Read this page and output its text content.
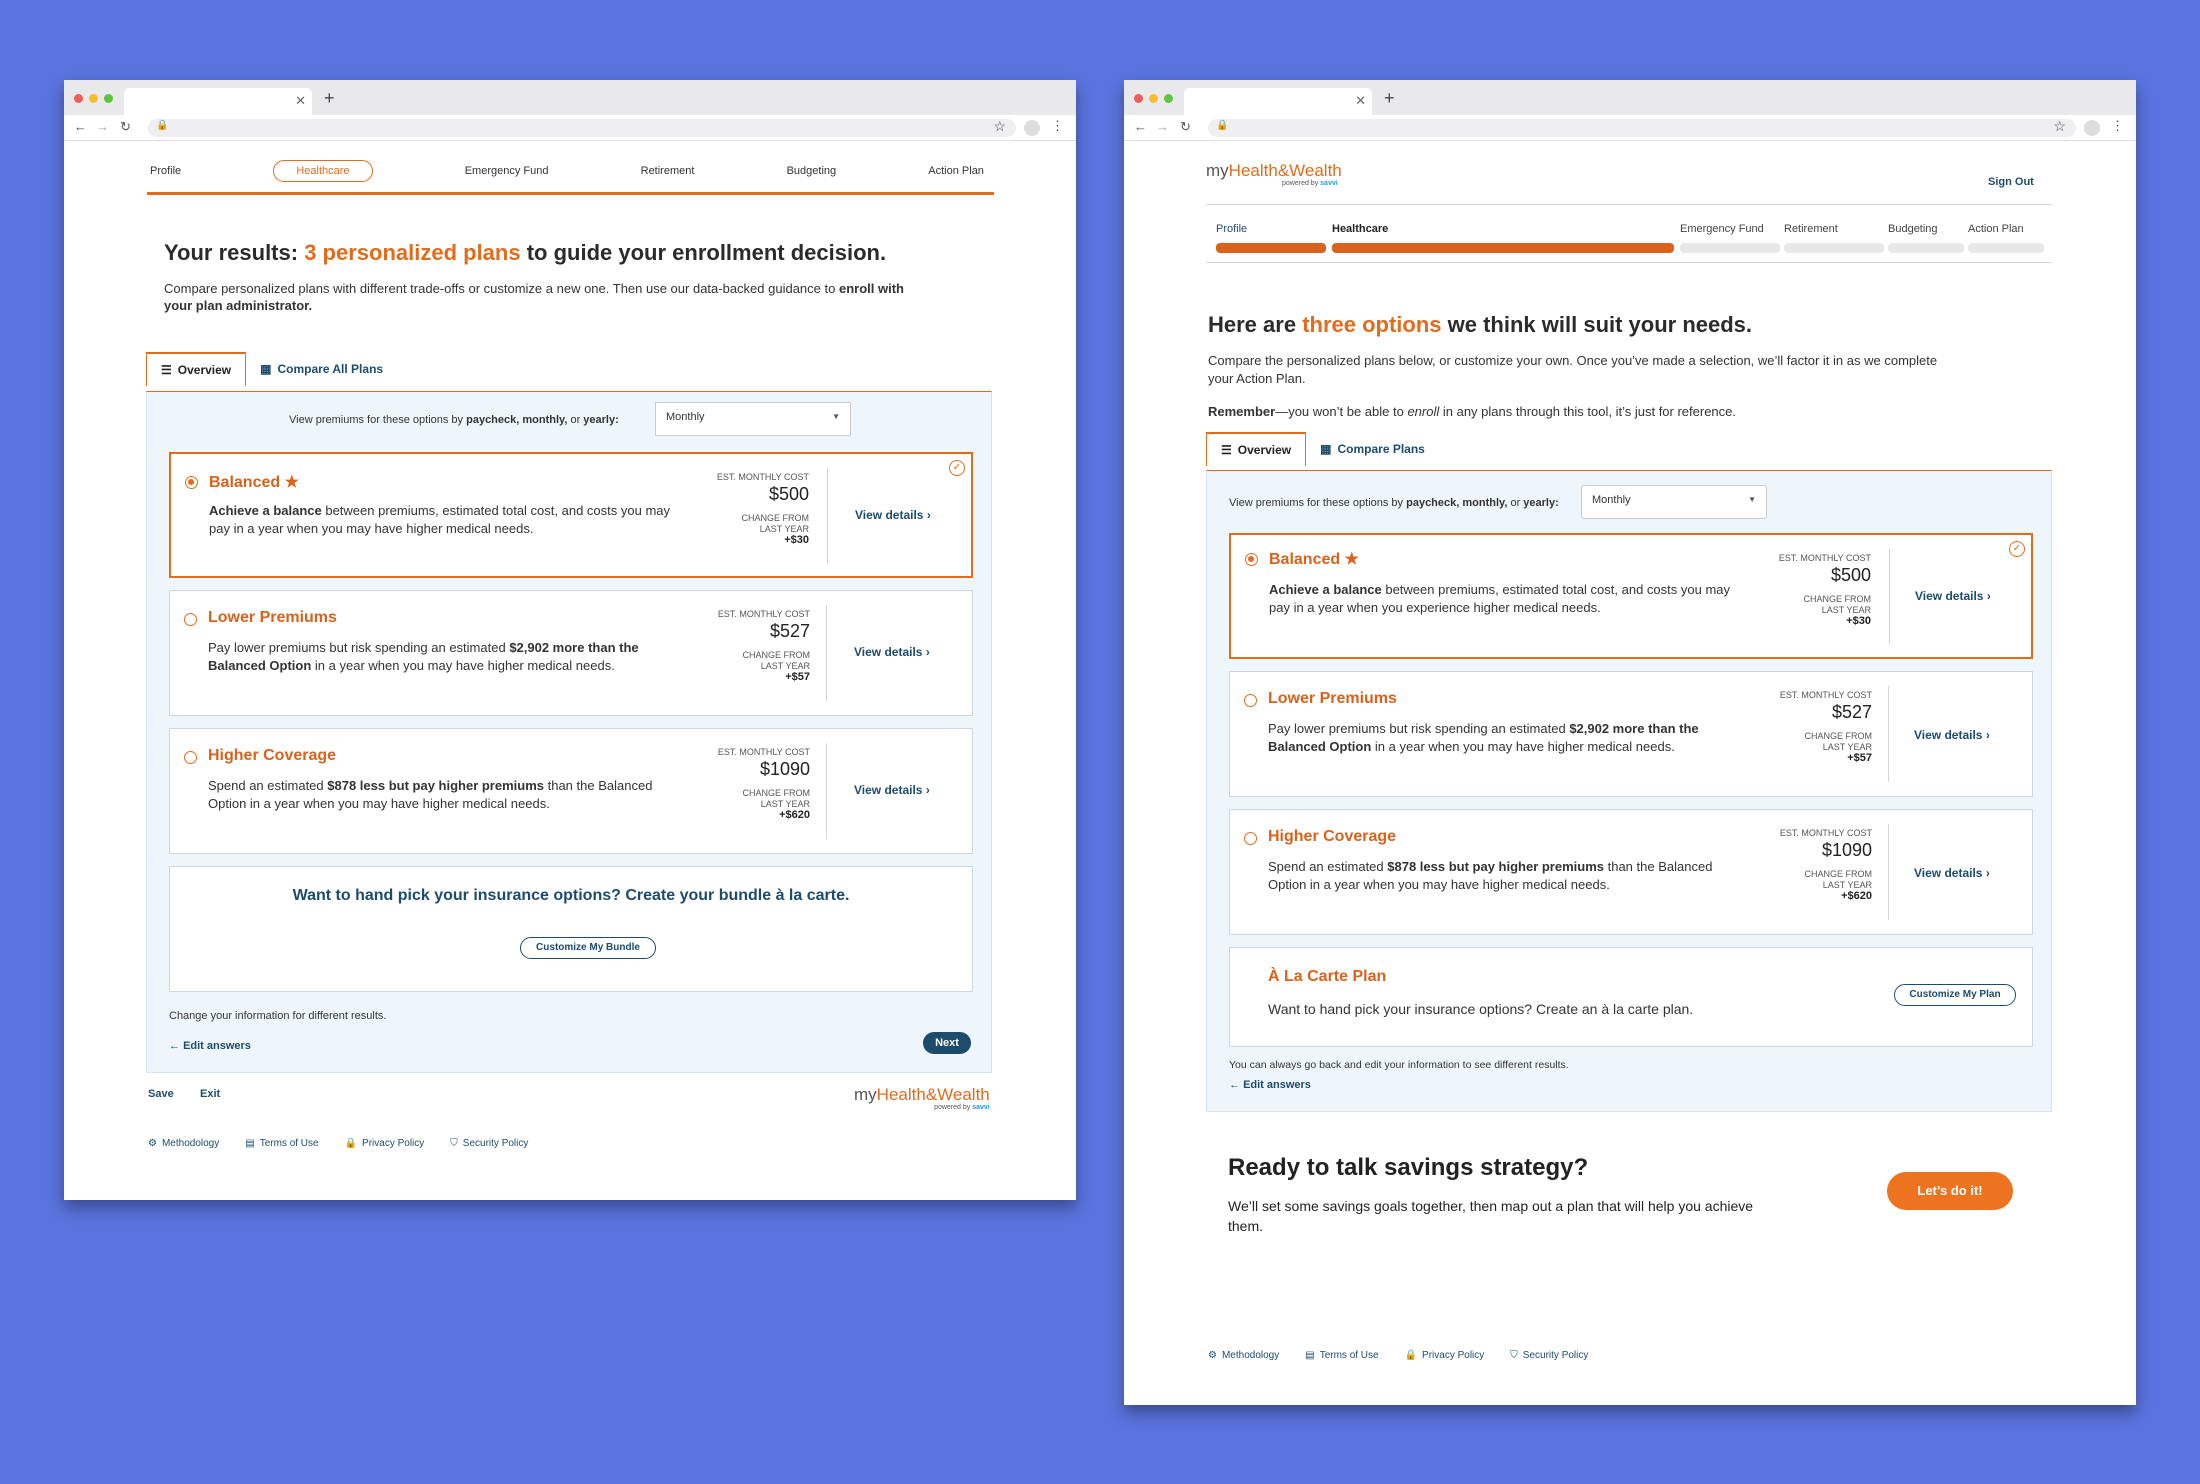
✕ +
← → ↻	🔒	☆	⋮
Profile	Healthcare	Emergency Fund	Retirement	Budgeting	Action Plan
Your results: 3 personalized plans to guide your enrollment decision.
Compare personalized plans with different trade-offs or customize a new one. Then use our data-backed guidance to enroll with your plan administrator.
☰ Overview ▦ Compare All Plans
View premiums for these options by paycheck, monthly, or yearly:	Monthly	▼
Balanced ★
Achieve a balance between premiums, estimated total cost, and costs you may pay in a year when you may have higher medical needs.
EST. MONTHLY COST
$500
CHANGE FROM
LAST YEAR
+$30
View details ›
✓
Lower Premiums
Pay lower premiums but risk spending an estimated $2,902 more than the Balanced Option in a year when you may have higher medical needs.
EST. MONTHLY COST
$527
CHANGE FROM
LAST YEAR
+$57
View details ›
Higher Coverage
Spend an estimated $878 less but pay higher premiums than the Balanced Option in a year when you may have higher medical needs.
EST. MONTHLY COST
$1090
CHANGE FROM
LAST YEAR
+$620
View details ›
Want to hand pick your insurance options? Create your bundle à la carte.
Customize My Bundle
Change your information for different results.
← Edit answers	Next
Save Exit	myHealth&Wealth
powered by savvi
⚙ Methodology	▤ Terms of Use	🔒 Privacy Policy	⛉ Security Policy
✕ +
← → ↻	🔒	☆	⋮
myHealth&Wealth
powered by savvi	Sign Out
Profile	Healthcare	Emergency Fund Retirement	Budgeting	Action Plan
Here are three options we think will suit your needs.
Compare the personalized plans below, or customize your own. Once you’ve made a selection, we’ll factor it in as we complete your Action Plan.
Remember—you won’t be able to enroll in any plans through this tool, it’s just for reference.
☰ Overview ▦ Compare Plans
View premiums for these options by paycheck, monthly, or yearly:	Monthly	▼
Balanced ★
Achieve a balance between premiums, estimated total cost, and costs you may pay in a year when you experience higher medical needs.
EST. MONTHLY COST
$500
CHANGE FROM
LAST YEAR
+$30
View details ›
✓
Lower Premiums
Pay lower premiums but risk spending an estimated $2,902 more than the Balanced Option in a year when you may have higher medical needs.
EST. MONTHLY COST
$527
CHANGE FROM
LAST YEAR
+$57
View details ›
Higher Coverage
Spend an estimated $878 less but pay higher premiums than the Balanced Option in a year when you may have higher medical needs.
EST. MONTHLY COST
$1090
CHANGE FROM
LAST YEAR
+$620
View details ›
À La Carte Plan
Want to hand pick your insurance options? Create an à la carte plan.
Customize My Plan
You can always go back and edit your information to see different results.
← Edit answers
Ready to talk savings strategy?
We’ll set some savings goals together, then map out a plan that will help you achieve them.
Let’s do it!
⚙ Methodology	▤ Terms of Use	🔒 Privacy Policy	⛉ Security Policy
